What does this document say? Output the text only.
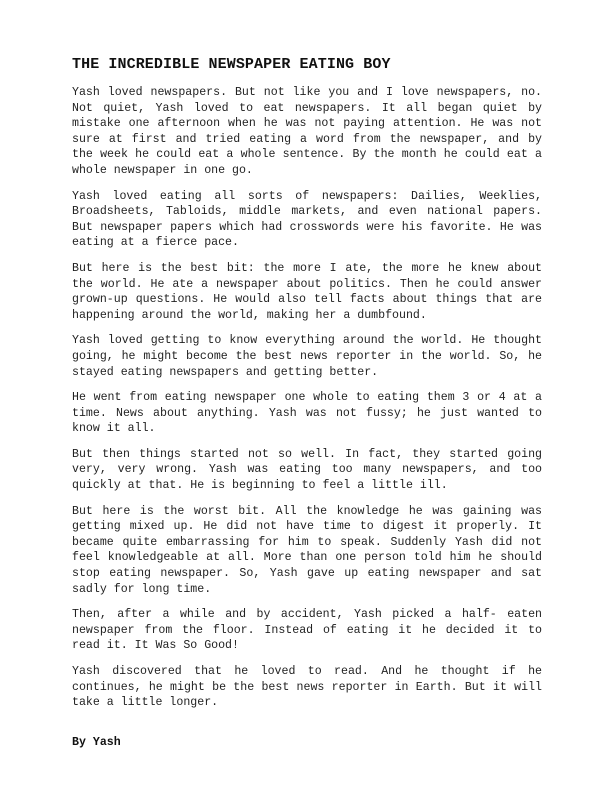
THE INCREDIBLE NEWSPAPER EATING BOY

Yash loved newspapers. But not like you and I love newspapers, no. Not quiet, Yash loved to eat newspapers. It all began quiet by mistake one afternoon when he was not paying attention. He was not sure at first and tried eating a word from the newspaper, and by the week he could eat a whole sentence. By the month he could eat a whole newspaper in one go.

Yash loved eating all sorts of newspapers: Dailies, Weeklies, Broadsheets, Tabloids, middle markets, and even national papers. But newspaper papers which had crosswords were his favorite. He was eating at a fierce pace.

But here is the best bit: the more I ate, the more he knew about the world. He ate a newspaper about politics. Then he could answer grown-up questions. He would also tell facts about things that are happening around the world, making her a dumbfound.

Yash loved getting to know everything around the world. He thought going, he might become the best news reporter in the world. So, he stayed eating newspapers and getting better.

He went from eating newspaper one whole to eating them 3 or 4 at a time. News about anything. Yash was not fussy; he just wanted to know it all.

But then things started not so well. In fact, they started going very, very wrong. Yash was eating too many newspapers, and too quickly at that. He is beginning to feel a little ill.

But here is the worst bit. All the knowledge he was gaining was getting mixed up. He did not have time to digest it properly. It became quite embarrassing for him to speak. Suddenly Yash did not feel knowledgeable at all. More than one person told him he should stop eating newspaper. So, Yash gave up eating newspaper and sat sadly for long time.

Then, after a while and by accident, Yash picked a half- eaten newspaper from the floor. Instead of eating it he decided it to read it. It Was So Good!

Yash discovered that he loved to read. And he thought if he continues, he might be the best news reporter in Earth. But it will take a little longer.

By Yash
